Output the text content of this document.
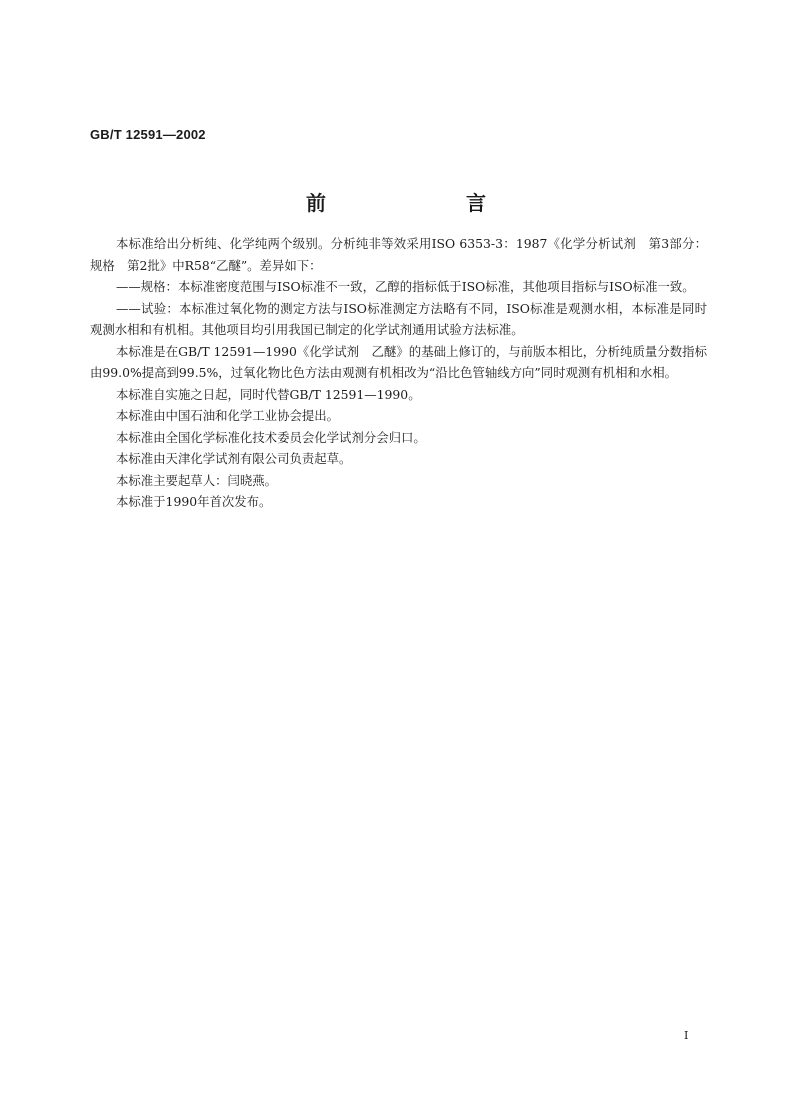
GB/T 12591—2002
前　言

本标准给出分析纯、化学纯两个级别。分析纯非等效采用ISO 6353-3：1987《化学分析试剂　第3部分：规格　第2批》中R58“乙醚”。差异如下：

——规格：本标准密度范围与ISO标准不一致，乙醇的指标低于ISO标准，其他项目指标与ISO标准一致。

——试验：本标准过氧化物的测定方法与ISO标准测定方法略有不同，ISO标准是观测水相，本标准是同时观测水相和有机相。其他项目均引用我国已制定的化学试剂通用试验方法标准。

本标准是在GB/T 12591—1990《化学试剂　乙醚》的基础上修订的，与前版本相比，分析纯质量分数指标由99.0%提高到99.5%，过氧化物比色方法由观测有机相改为“沿比色管轴线方向”同时观测有机相和水相。

本标准自实施之日起，同时代替GB/T 12591—1990。

本标准由中国石油和化学工业协会提出。

本标准由全国化学标准化技术委员会化学试剂分会归口。

本标准由天津化学试剂有限公司负责起草。

本标准主要起草人：闫晓燕。

本标准于1990年首次发布。

I
